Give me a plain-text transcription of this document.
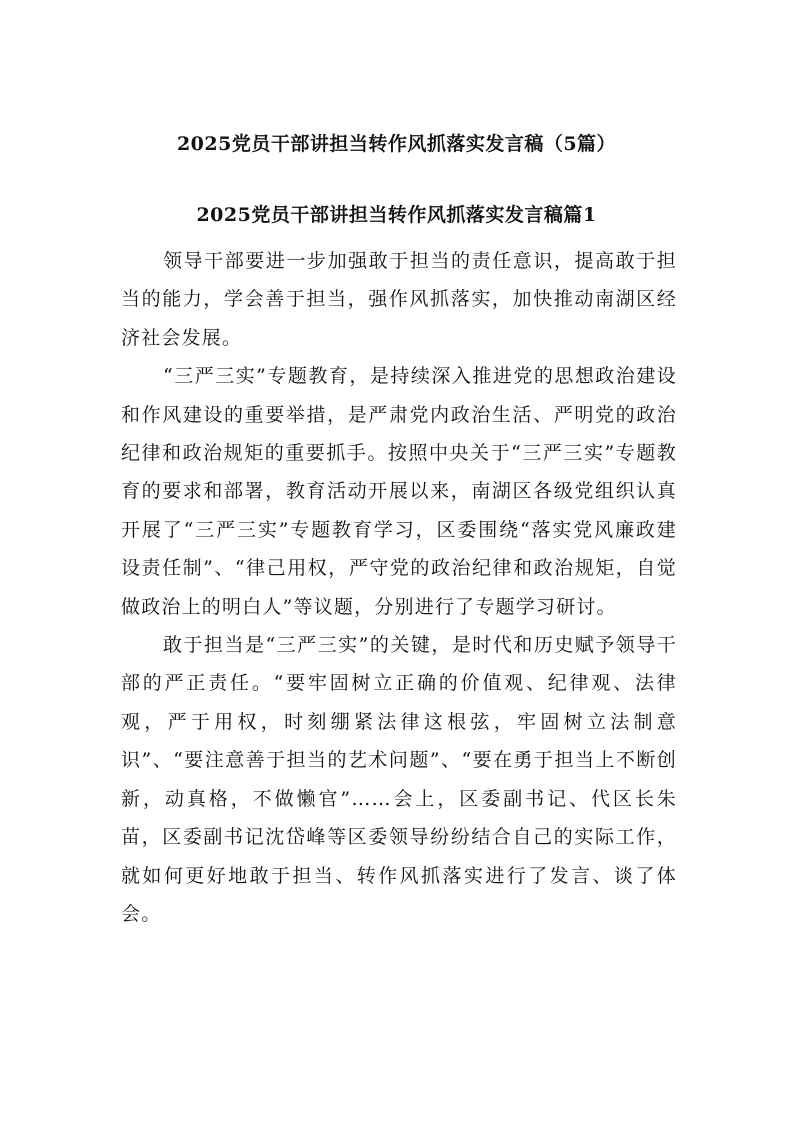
2025党员干部讲担当转作风抓落实发言稿（5篇）
2025党员干部讲担当转作风抓落实发言稿篇1

领导干部要进一步加强敢于担当的责任意识，提高敢于担当的能力，学会善于担当，强作风抓落实，加快推动南湖区经济社会发展。

“三严三实”专题教育，是持续深入推进党的思想政治建设和作风建设的重要举措，是严肃党内政治生活、严明党的政治纪律和政治规矩的重要抓手。按照中央关于“三严三实”专题教育的要求和部署，教育活动开展以来，南湖区各级党组织认真开展了“三严三实”专题教育学习，区委围绕“落实党风廉政建设责任制”、“律己用权，严守党的政治纪律和政治规矩，自觉做政治上的明白人”等议题，分别进行了专题学习研讨。

敢于担当是“三严三实”的关键，是时代和历史赋予领导干部的严正责任。“要牢固树立正确的价值观、纪律观、法律观，严于用权，时刻绷紧法律这根弦，牢固树立法制意识”、“要注意善于担当的艺术问题”、“要在勇于担当上不断创新，动真格，不做懒官”……会上，区委副书记、代区长朱苗，区委副书记沈岱峰等区委领导纷纷结合自己的实际工作，就如何更好地敢于担当、转作风抓落实进行了发言、谈了体会。
